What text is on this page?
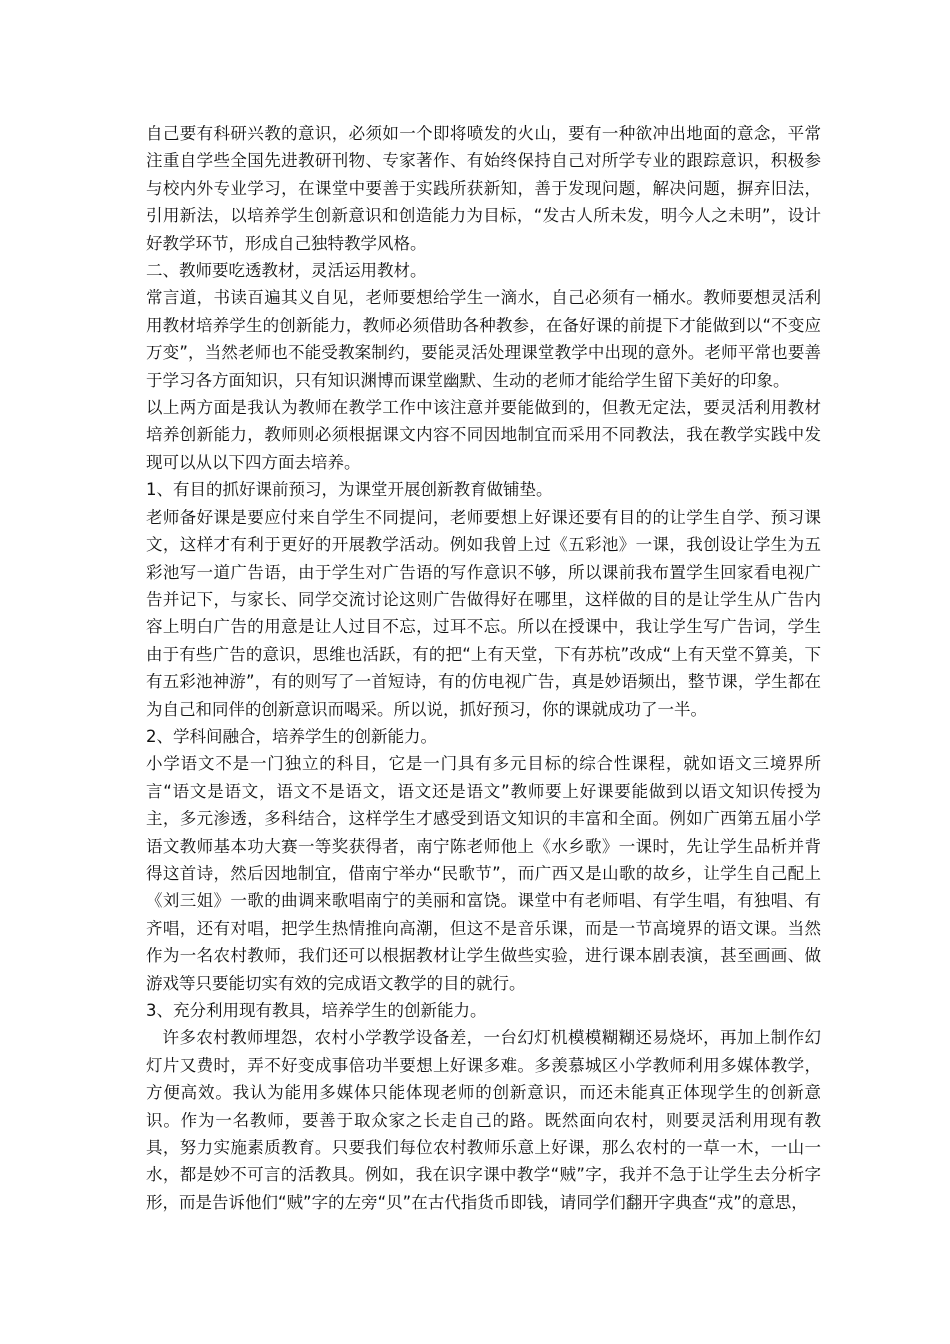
自己要有科研兴教的意识，必须如一个即将喷发的火山，要有一种欲冲出地面的意念，平常注重自学些全国先进教研刊物、专家著作、有始终保持自己对所学专业的跟踪意识，积极参与校内外专业学习，在课堂中要善于实践所获新知，善于发现问题，解决问题，摒弃旧法，引用新法，以培养学生创新意识和创造能力为目标，“发古人所未发，明今人之未明”，设计好教学环节，形成自己独特教学风格。

二、教师要吃透教材，灵活运用教材。

常言道，书读百遍其义自见，老师要想给学生一滴水，自己必须有一桶水。教师要想灵活利用教材培养学生的创新能力，教师必须借助各种教参，在备好课的前提下才能做到以“不变应万变”，当然老师也不能受教案制约，要能灵活处理课堂教学中出现的意外。老师平常也要善于学习各方面知识，只有知识渊博而课堂幽默、生动的老师才能给学生留下美好的印象。

以上两方面是我认为教师在教学工作中该注意并要能做到的，但教无定法，要灵活利用教材培养创新能力，教师则必须根据课文内容不同因地制宜而采用不同教法，我在教学实践中发现可以从以下四方面去培养。

1、有目的抓好课前预习，为课堂开展创新教育做铺垫。

老师备好课是要应付来自学生不同提问，老师要想上好课还要有目的的让学生自学、预习课文，这样才有利于更好的开展教学活动。例如我曾上过《五彩池》一课，我创设让学生为五彩池写一道广告语，由于学生对广告语的写作意识不够，所以课前我布置学生回家看电视广告并记下，与家长、同学交流讨论这则广告做得好在哪里，这样做的目的是让学生从广告内容上明白广告的用意是让人过目不忘，过耳不忘。所以在授课中，我让学生写广告词，学生由于有些广告的意识，思维也活跃，有的把“上有天堂，下有苏杭”改成“上有天堂不算美，下有五彩池神游”，有的则写了一首短诗，有的仿电视广告，真是妙语频出，整节课，学生都在为自己和同伴的创新意识而喝采。所以说，抓好预习，你的课就成功了一半。

2、学科间融合，培养学生的创新能力。

小学语文不是一门独立的科目，它是一门具有多元目标的综合性课程，就如语文三境界所言“语文是语文，语文不是语文，语文还是语文”教师要上好课要能做到以语文知识传授为主，多元渗透，多科结合，这样学生才感受到语文知识的丰富和全面。例如广西第五届小学语文教师基本功大赛一等奖获得者，南宁陈老师他上《水乡歌》一课时，先让学生品析并背得这首诗，然后因地制宜，借南宁举办“民歌节”，而广西又是山歌的故乡，让学生自己配上《刘三姐》一歌的曲调来歌唱南宁的美丽和富饶。课堂中有老师唱、有学生唱，有独唱、有齐唱，还有对唱，把学生热情推向高潮，但这不是音乐课，而是一节高境界的语文课。当然作为一名农村教师，我们还可以根据教材让学生做些实验，进行课本剧表演，甚至画画、做游戏等只要能切实有效的完成语文教学的目的就行。

3、充分利用现有教具，培养学生的创新能力。

许多农村教师埋怨，农村小学教学设备差，一台幻灯机模模糊糊还易烧坏，再加上制作幻灯片又费时，弄不好变成事倍功半要想上好课多难。多羡慕城区小学教师利用多媒体教学，方便高效。我认为能用多媒体只能体现老师的创新意识，而还未能真正体现学生的创新意识。作为一名教师，要善于取众家之长走自己的路。既然面向农村，则要灵活利用现有教具，努力实施素质教育。只要我们每位农村教师乐意上好课，那么农村的一草一木，一山一水，都是妙不可言的活教具。例如，我在识字课中教学“贼”字，我并不急于让学生去分析字形，而是告诉他们“贼”字的左旁“贝”在古代指货币即钱，请同学们翻开字典查“戎”的意思，
